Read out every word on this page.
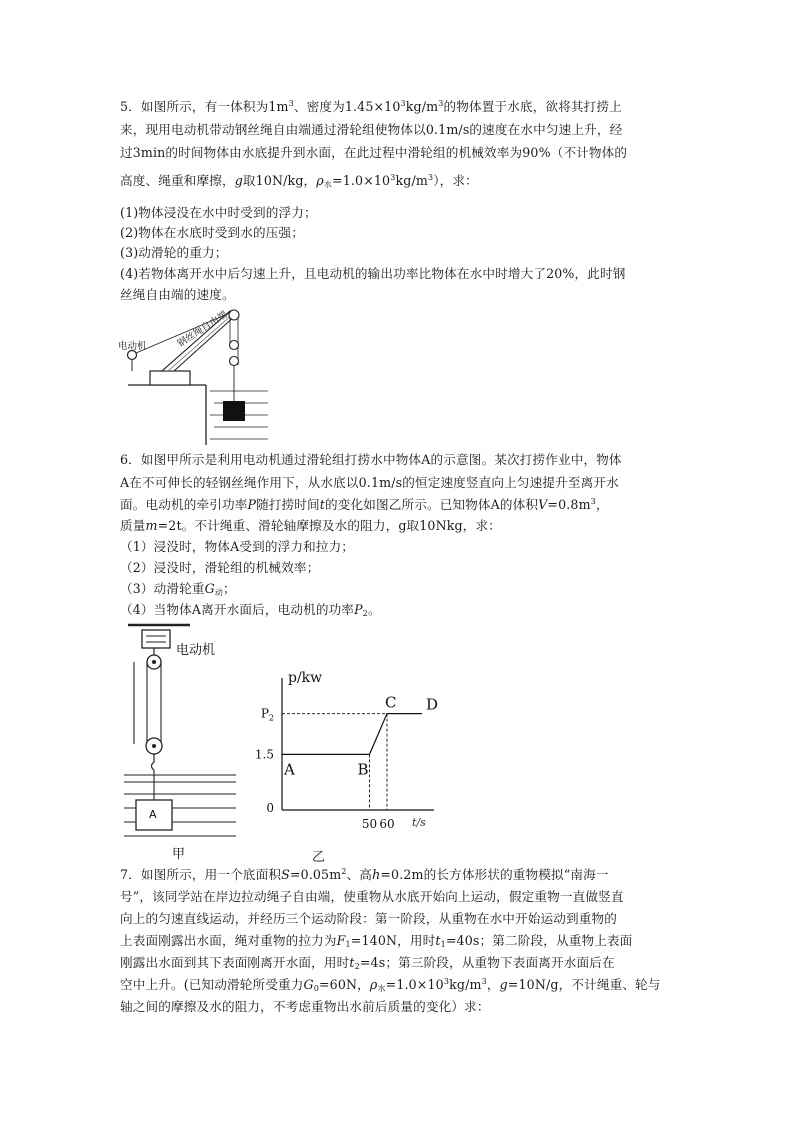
5．如图所示，有一体积为$1m^3$、密度为$1.45\times 10^3kg/m^3$的物体置于水底，欲将其打捞上
来，现用电动机带动钢丝绳自由端通过滑轮组使物体以0.1m/s的速度在水中匀速上升，经
过3min的时间物体由水底提升到水面，在此过程中滑轮组的机械效率为90%（不计物体的
高度、绳重和摩擦，g取10N/kg，$\rho_水=1.0\times 10^3kg/m^3$），求：
(1)物体浸没在水中时受到的浮力；
(2)物体在水底时受到水的压强；
(3)动滑轮的重力；
(4)若物体离开水中后匀速上升，且电动机的输出功率比物体在水中时增大了20%，此时钢
丝绳自由端的速度。
电动机	钢丝绳自由端
6．如图甲所示是利用电动机通过滑轮组打捞水中物体A的示意图。某次打捞作业中，物体
A在不可伸长的轻钢丝绳作用下，从水底以0.1m/s的恒定速度竖直向上匀速提升至离开水
面。电动机的牵引功率P随打捞时间t的变化如图乙所示。已知物体A的体积$V=0.8m^3$，
质量m=2t。不计绳重、滑轮轴摩擦及水的阻力，g取10Nkg，求：
（1）浸没时，物体A受到的浮力和拉力；
（2）浸没时，滑轮组的机械效率；
（3）动滑轮重$G_动$；
（4）当物体A离开水面后，电动机的功率$P_2$。
A
电动机
甲
p/kw
t/s
0
1.5
$P_2$
50 60
A	B
C D
乙
7．如图所示，用一个底面积$S=0.05m^2$、高h=0.2m的长方体形状的重物模拟“南海一
号”，该同学站在岸边拉动绳子自由端，使重物从水底开始向上运动，假定重物一直做竖直
向上的匀速直线运动，并经历三个运动阶段：第一阶段，从重物在水中开始运动到重物的
上表面刚露出水面，绳对重物的拉力为$F_1=140N$，用时$t_1=40s$；第二阶段，从重物上表面
刚露出水面到其下表面刚离开水面，用时$t_2=4s$；第三阶段，从重物下表面离开水面后在
空中上升。(已知动滑轮所受重力$G_0=60N$，$\rho_水=1.0\times 10^3kg/m^3$，g=10N/g，不计绳重、轮与
轴之间的摩擦及水的阻力，不考虑重物出水前后质量的变化）求：
